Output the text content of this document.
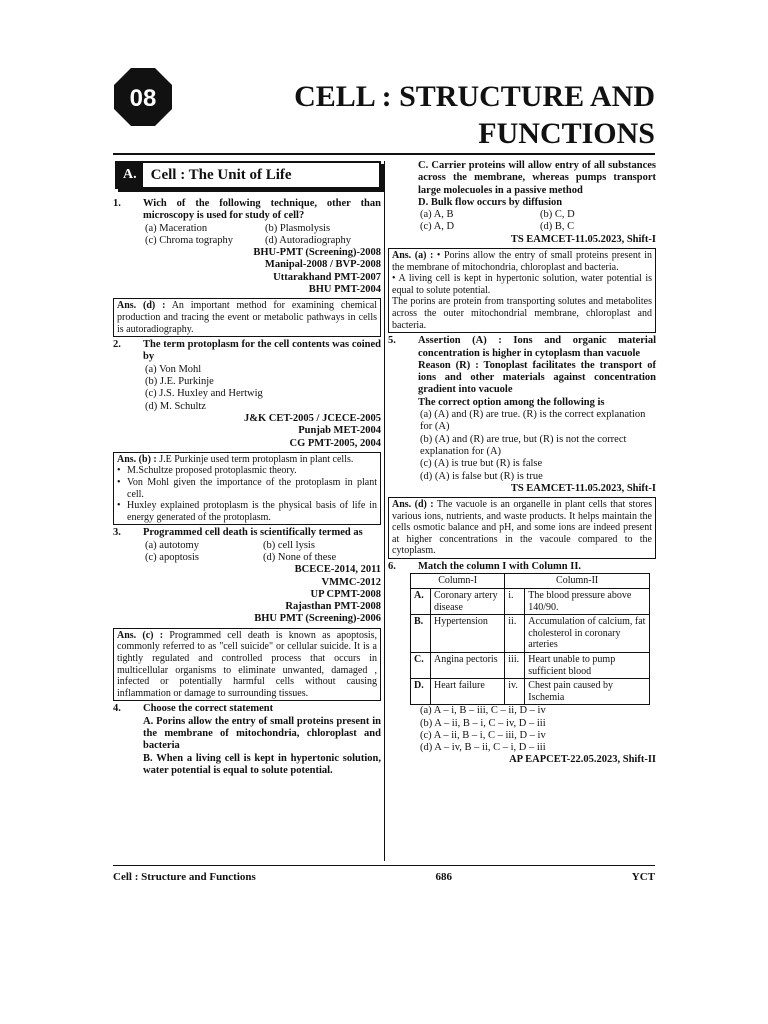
08	CELL : STRUCTURE AND
FUNCTIONS
A. Cell : The Unit of Life
1.	Wich of the following technique, other than microscopy is used for study of cell?
(a) Maceration	(b) Plasmolysis
(c) Chroma tography	(d) Autoradiography
BHU-PMT (Screening)-2008
Manipal-2008 / BVP-2008
Uttarakhand PMT-2007
BHU PMT-2004
Ans. (d) : An important method for examining chemical production and tracing the event or metabolic pathways in cells is autoradiography.
2.	The term protoplasm for the cell contents was coined by
(a) Von Mohl
(b) J.E. Purkinje
(c) J.S. Huxley and Hertwig
(d) M. Schultz
J&K CET-2005 / JCECE-2005
Punjab MET-2004
CG PMT-2005, 2004
Ans. (b) : J.E Purkinje used term protoplasm in plant cells.
• M.Schultze proposed protoplasmic theory.
• Von Mohl given the importance of the protoplasm in plant cell.
• Huxley explained protoplasm is the physical basis of life in energy generated of the protoplasm.
3.	Programmed cell death is scientifically termed as
(a) autotomy	(b) cell lysis
(c) apoptosis	(d) None of these
BCECE-2014, 2011
VMMC-2012
UP CPMT-2008
Rajasthan PMT-2008
BHU PMT (Screening)-2006
Ans. (c) : Programmed cell death is known as apoptosis, commonly referred to as "cell suicide" or cellular suicide. It is a tightly regulated and controlled process that occurs in multicellular organisms to eliminate unwanted, damaged , infected or potentially harmful cells without causing inflammation or damage to surrounding tissues.
4.	Choose the correct statement
A. Porins allow the entry of small proteins present in the membrane of mitochondria, chloroplast and bacteria
B. When a living cell is kept in hypertonic solution, water potential is equal to solute potential.
C. Carrier proteins will allow entry of all substances across the membrane, whereas pumps transport large molecuoles in a passive method
D. Bulk flow occurs by diffusion
(a) A, B	(b) C, D
(c) A, D	(d) B, C
TS EAMCET-11.05.2023, Shift-I
Ans. (a) : • Porins allow the entry of small proteins present in the membrane of mitochondria, chloroplast and bacteria.
• A living cell is kept in hypertonic solution, water potential is equal to solute potential.
The porins are protein from transporting solutes and metabolites across the outer mitochondrial membrane, chloroplast and bacteria.
5.	Assertion (A) : Ions and organic material concentration is higher in cytoplasm than vacuole
Reason (R) : Tonoplast facilitates the transport of ions and other materials against concentration gradient into vacuole
The correct option among the following is
(a) (A) and (R) are true. (R) is the correct explanation for (A)
(b) (A) and (R) are true, but (R) is not the correct explanation for (A)
(c) (A) is true but (R) is false
(d) (A) is false but (R) is true
TS EAMCET-11.05.2023, Shift-I
Ans. (d) : The vacuole is an organelle in plant cells that stores various ions, nutrients, and waste products. It helps maintain the cells osmotic balance and pH, and some ions are indeed present at higher concentrations in the vacoule compared to the cytoplasm.
6.	Match the column I with Column II.
Column-I		Column-II	
A.	Coronary artery disease	i.	The blood pressure above 140/90.
B.	Hypertension	ii.	Accumulation of calcium, fat cholesterol in coronary arteries
C.	Angina pectoris	iii.	Heart unable to pump sufficient blood
D.	Heart failure	iv.	Chest pain caused by Ischemia
(a) A – i, B – iii, C – ii, D – iv
(b) A – ii, B – i, C – iv, D – iii
(c) A – ii, B – i, C – iii, D – iv
(d) A – iv, B – ii, C – i, D – iii
AP EAPCET-22.05.2023, Shift-II
Cell : Structure and Functions	686	YCT
